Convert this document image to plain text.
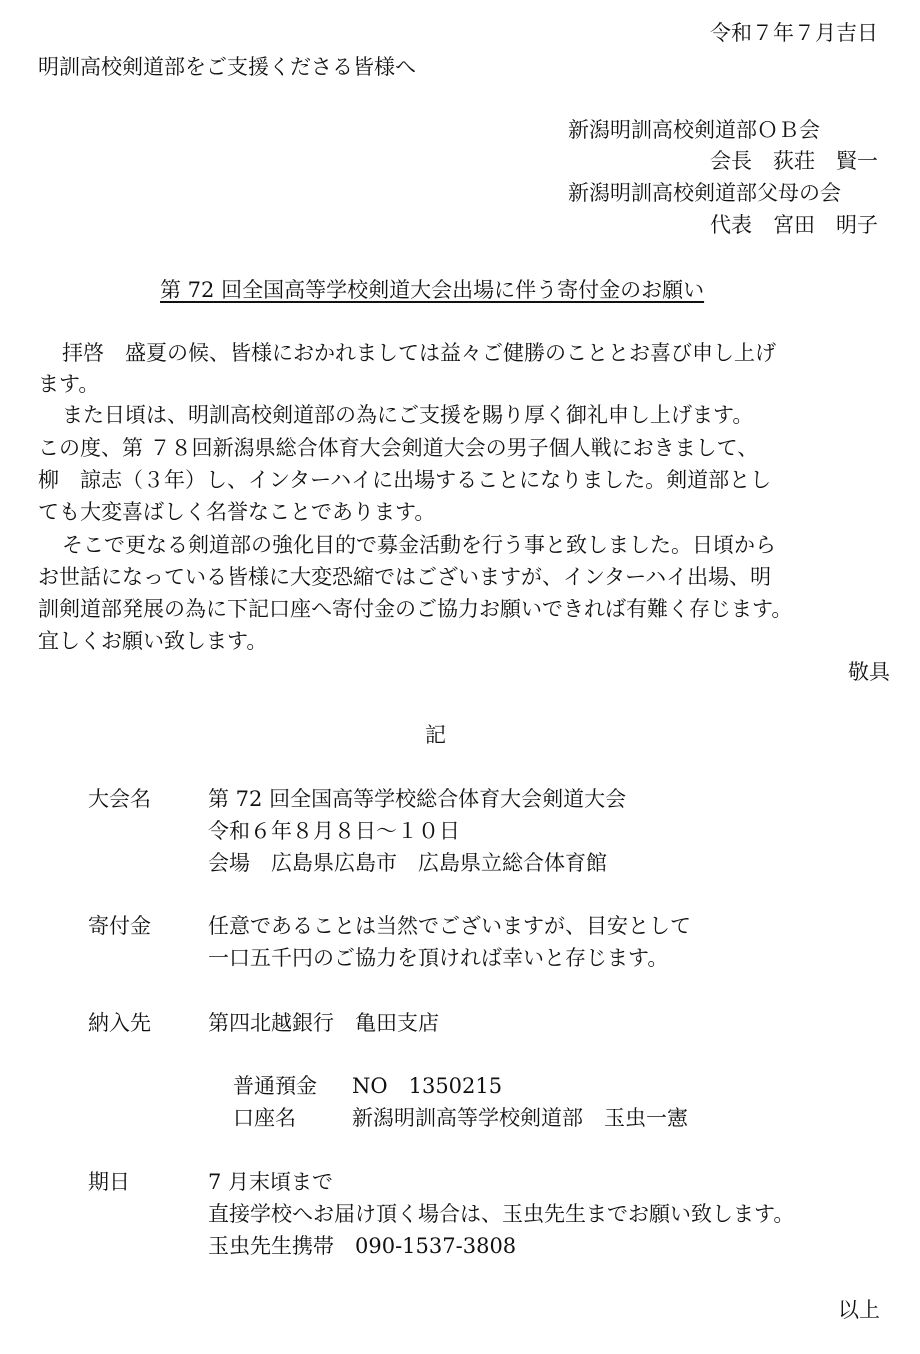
令和７年７月吉日
明訓高校剣道部をご支援くださる皆様へ
新潟明訓高校剣道部ＯＢ会
会長　荻荘　賢一
新潟明訓高校剣道部父母の会
代表　宮田　明子
第 72 回全国高等学校剣道大会出場に伴う寄付金のお願い
拝啓　盛夏の候、皆様におかれましては益々ご健勝のこととお喜び申し上げ
ます。
また日頃は、明訓高校剣道部の為にご支援を賜り厚く御礼申し上げます。
この度、第 ７８回新潟県総合体育大会剣道大会の男子個人戦におきまして、
柳　諒志（３年）し、インターハイに出場することになりました。剣道部とし
ても大変喜ばしく名誉なことであります。
そこで更なる剣道部の強化目的で募金活動を行う事と致しました。日頃から
お世話になっている皆様に大変恐縮ではございますが、インターハイ出場、明
訓剣道部発展の為に下記口座へ寄付金のご協力お願いできれば有難く存じます。
宜しくお願い致します。
敬具
記
大会名	第 72 回全国高等学校総合体育大会剣道大会
令和６年８月８日～１０日
会場　広島県広島市　広島県立総合体育館
寄付金	任意であることは当然でございますが、目安として
一口五千円のご協力を頂ければ幸いと存じます。
納入先	第四北越銀行　亀田支店
普通預金 NO　1350215
口座名	新潟明訓高等学校剣道部　玉虫一憲
期日	7 月末頃まで
直接学校へお届け頂く場合は、玉虫先生までお願い致します。
玉虫先生携帯　090-1537-3808
以上
